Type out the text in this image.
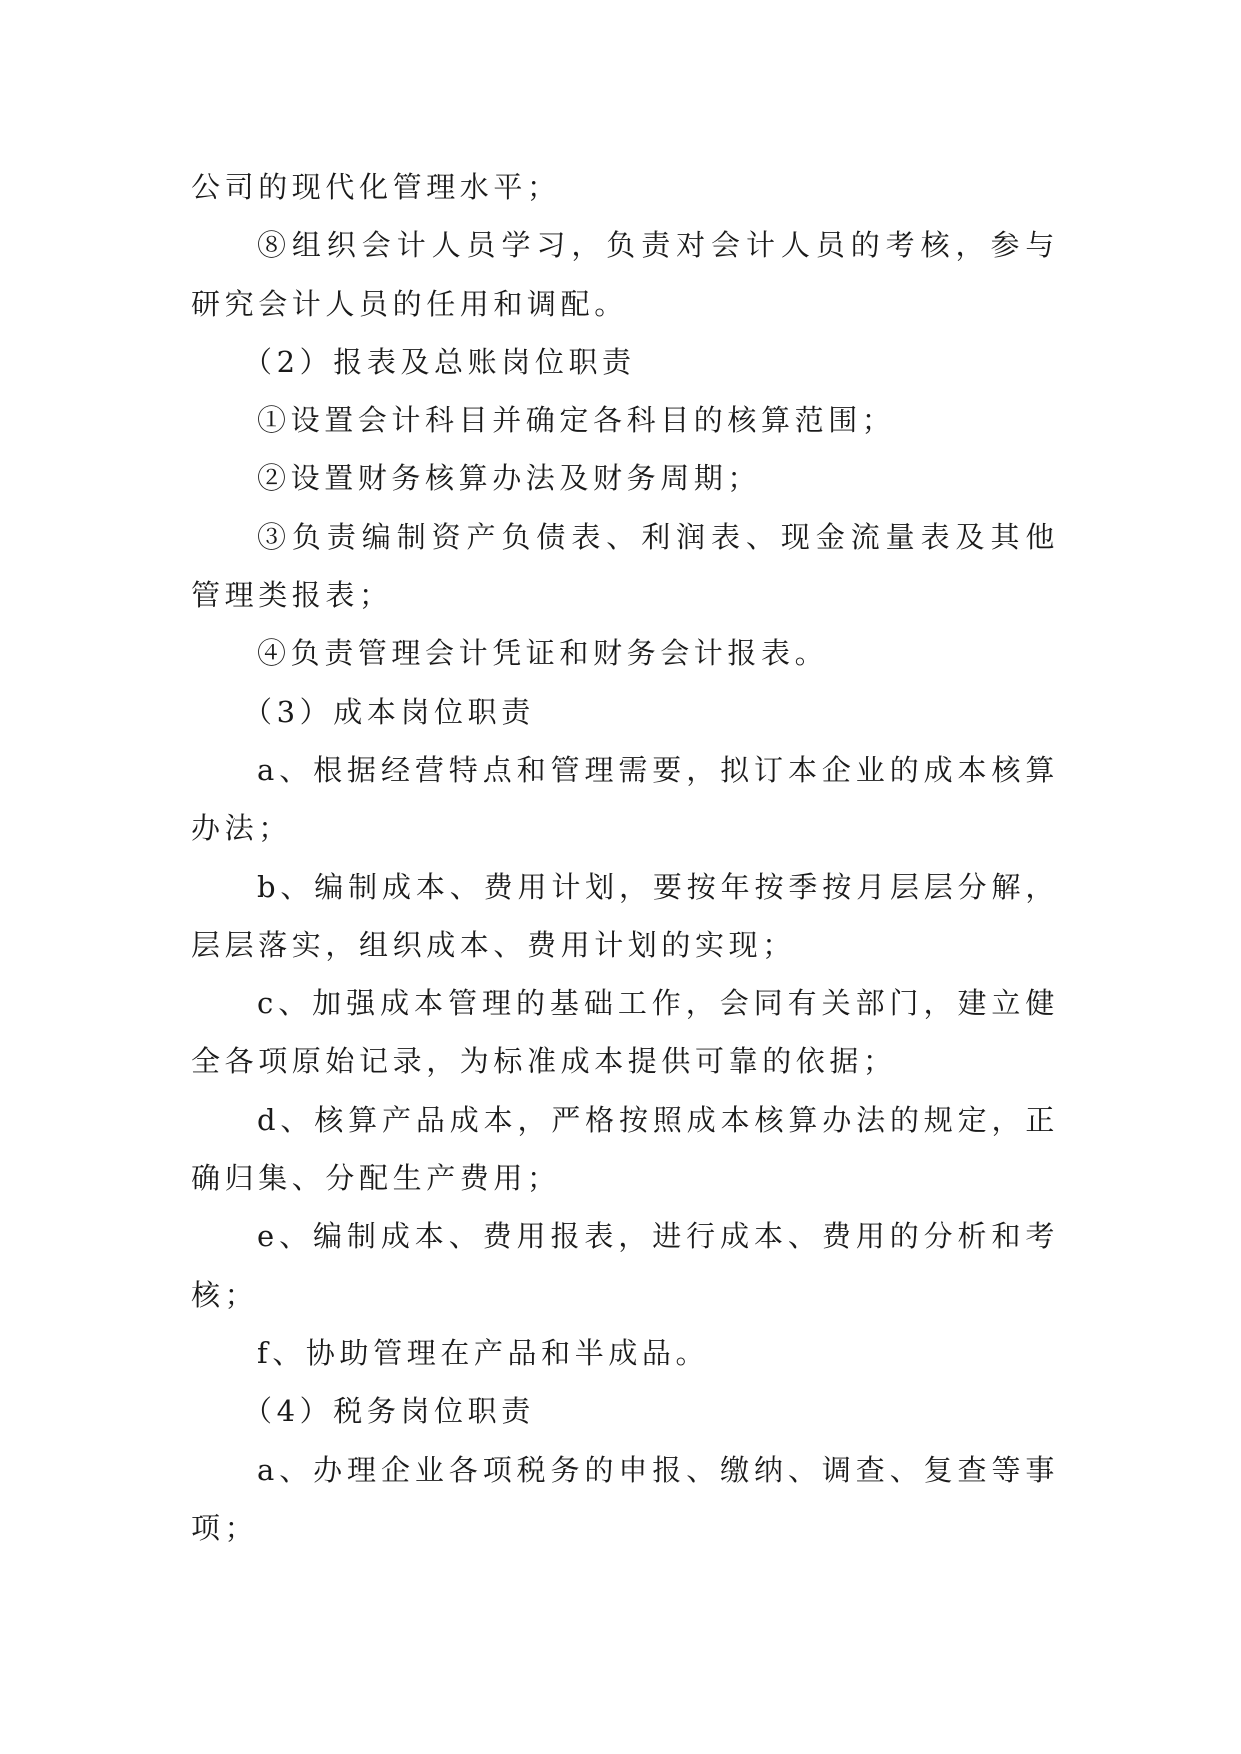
公司的现代化管理水平；

⑧组织会计人员学习，负责对会计人员的考核，参与研究会计人员的任用和调配。

（2）报表及总账岗位职责

①设置会计科目并确定各科目的核算范围；

②设置财务核算办法及财务周期；

③负责编制资产负债表、利润表、现金流量表及其他管理类报表；

④负责管理会计凭证和财务会计报表。

（3）成本岗位职责

a、根据经营特点和管理需要，拟订本企业的成本核算办法；

b、编制成本、费用计划，要按年按季按月层层分解，层层落实，组织成本、费用计划的实现；

c、加强成本管理的基础工作，会同有关部门，建立健全各项原始记录，为标准成本提供可靠的依据；

d、核算产品成本，严格按照成本核算办法的规定，正确归集、分配生产费用；

e、编制成本、费用报表，进行成本、费用的分析和考核；

f、协助管理在产品和半成品。

（4）税务岗位职责

a、办理企业各项税务的申报、缴纳、调查、复查等事项；
